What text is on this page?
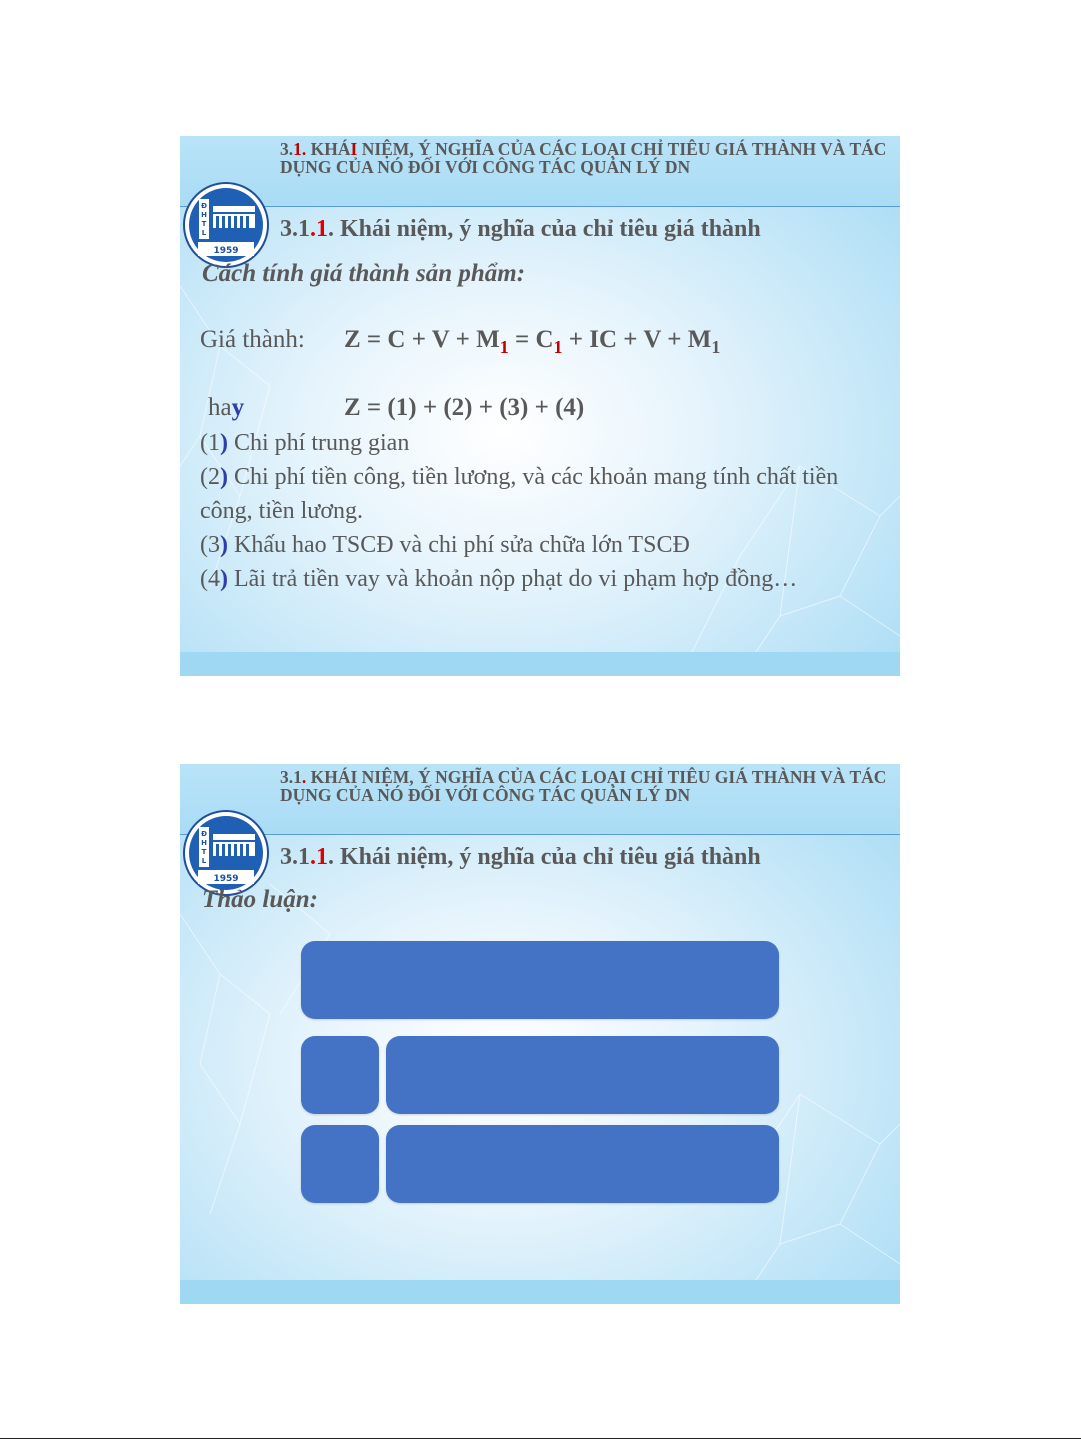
3.1. KHÁI NIỆM, Ý NGHĨA CỦA CÁC LOẠI CHỈ TIÊU GIÁ THÀNH VÀ TÁC DỤNG CỦA NÓ ĐỐI VỚI CÔNG TÁC QUẢN LÝ DN
Đ
H
T
L
1959
3.1.1. Khái niệm, ý nghĩa của chỉ tiêu giá thành
Cách tính giá thành sản phẩm:
Giá thành: $Z = C + V + M_1 = C_1$ + IC + $V + M_1$
hay	Z = (1) + (2) + (3) + (4)
(1) Chi phí trung gian
(2) Chi phí tiền công, tiền lương, và các khoản mang tính chất tiền công, tiền lương.
(3) Khấu hao TSCĐ và chi phí sửa chữa lớn TSCĐ
(4) Lãi trả tiền vay và khoản nộp phạt do vi phạm hợp đồng…
3.1. KHÁI NIỆM, Ý NGHĨA CỦA CÁC LOẠI CHỈ TIÊU GIÁ THÀNH VÀ TÁC DỤNG CỦA NÓ ĐỐI VỚI CÔNG TÁC QUẢN LÝ DN
Đ
H
T
L
1959
3.1.1. Khái niệm, ý nghĩa của chỉ tiêu giá thành
Thảo luận:
